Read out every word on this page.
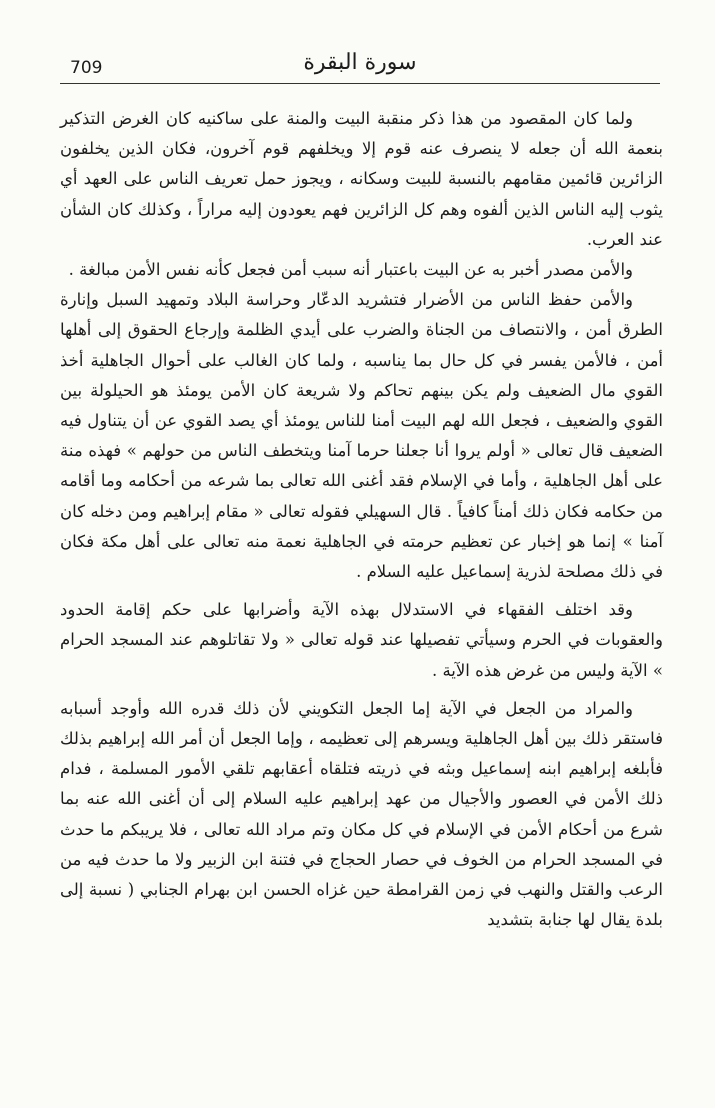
709	سورة البقرة

ولما كان المقصود من هذا ذكر منقبة البيت والمنة على ساكنيه كان الغرض التذكير بنعمة الله أن جعله لا ينصرف عنه قوم إلا ويخلفهم قوم آخرون، فكان الذين يخلفون الزائرين قائمين مقامهم بالنسبة للبيت وسكانه ، ويجوز حمل تعريف الناس على العهد أي يثوب إليه الناس الذين ألفوه وهم كل الزائرين فهم يعودون إليه مراراً ، وكذلك كان الشأن عند العرب.

والأمن مصدر أخبر به عن البيت باعتبار أنه سبب أمن فجعل كأنه نفس الأمن مبالغة .

والأمن حفظ الناس من الأضرار فتشريد الدعّار وحراسة البلاد وتمهيد السبل وإنارة الطرق أمن ، والانتصاف من الجناة والضرب على أيدي الظلمة وإرجاع الحقوق إلى أهلها أمن ، فالأمن يفسر في كل حال بما يناسبه ، ولما كان الغالب على أحوال الجاهلية أخذ القوي مال الضعيف ولم يكن بينهم تحاكم ولا شريعة كان الأمن يومئذ هو الحيلولة بين القوي والضعيف ، فجعل الله لهم البيت أمنا للناس يومئذ أي يصد القوي عن أن يتناول فيه الضعيف قال تعالى « أولم يروا أنا جعلنا حرما آمنا ويتخطف الناس من حولهم » فهذه منة على أهل الجاهلية ، وأما في الإسلام فقد أغنى الله تعالى بما شرعه من أحكامه وما أقامه من حكامه فكان ذلك أمناً كافياً . قال السهيلي فقوله تعالى « مقام إبراهيم ومن دخله كان آمنا » إنما هو إخبار عن تعظيم حرمته في الجاهلية نعمة منه تعالى على أهل مكة فكان في ذلك مصلحة لذرية إسماعيل عليه السلام .

وقد اختلف الفقهاء في الاستدلال بهذه الآية وأضرابها على حكم إقامة الحدود والعقوبات في الحرم وسيأتي تفصيلها عند قوله تعالى « ولا تقاتلوهم عند المسجد الحرام » الآية وليس من غرض هذه الآية .

والمراد من الجعل في الآية إما الجعل التكويني لأن ذلك قدره الله وأوجد أسبابه فاستقر ذلك بين أهل الجاهلية ويسرهم إلى تعظيمه ، وإما الجعل أن أمر الله إبراهيم بذلك فأبلغه إبراهيم ابنه إسماعيل وبثه في ذريته فتلقاه أعقابهم تلقي الأمور المسلمة ، فدام ذلك الأمن في العصور والأجيال من عهد إبراهيم عليه السلام إلى أن أغنى الله عنه بما شرع من أحكام الأمن في الإسلام في كل مكان وتم مراد الله تعالى ، فلا يريبكم ما حدث في المسجد الحرام من الخوف في حصار الحجاج في فتنة ابن الزبير ولا ما حدث فيه من الرعب والقتل والنهب في زمن القرامطة حين غزاه الحسن ابن بهرام الجنابي ( نسبة إلى بلدة يقال لها جنابة بتشديد
